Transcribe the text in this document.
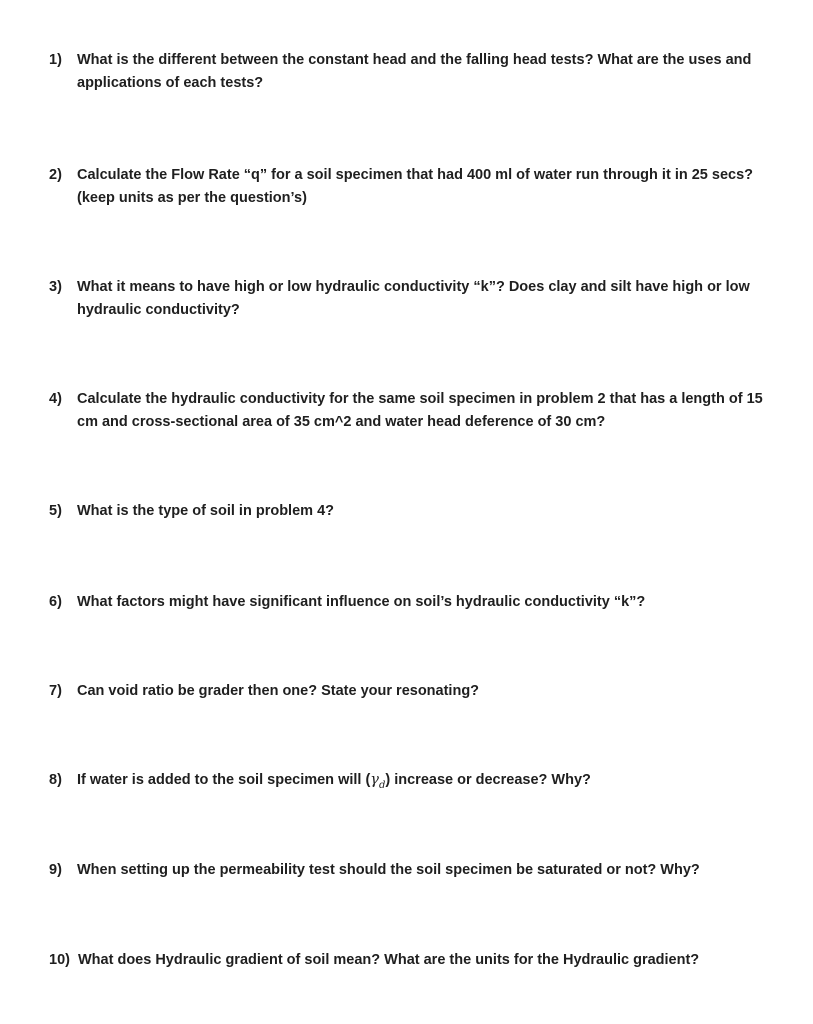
1) What is the different between the constant head and the falling head tests? What are the uses and applications of each tests?
2) Calculate the Flow Rate “q” for a soil specimen that had 400 ml of water run through it in 25 secs? (keep units as per the question’s)
3) What it means to have high or low hydraulic conductivity “k”? Does clay and silt have high or low hydraulic conductivity?
4) Calculate the hydraulic conductivity for the same soil specimen in problem 2 that has a length of 15 cm and cross-sectional area of 35 cm^2 and water head deference of 30 cm?
5) What is the type of soil in problem 4?
6) What factors might have significant influence on soil’s hydraulic conductivity “k”?
7) Can void ratio be grader then one? State your resonating?
8) If water is added to the soil specimen will $(\gamma_d)$ increase or decrease? Why?
9) When setting up the permeability test should the soil specimen be saturated or not? Why?
10) What does Hydraulic gradient of soil mean? What are the units for the Hydraulic gradient?
